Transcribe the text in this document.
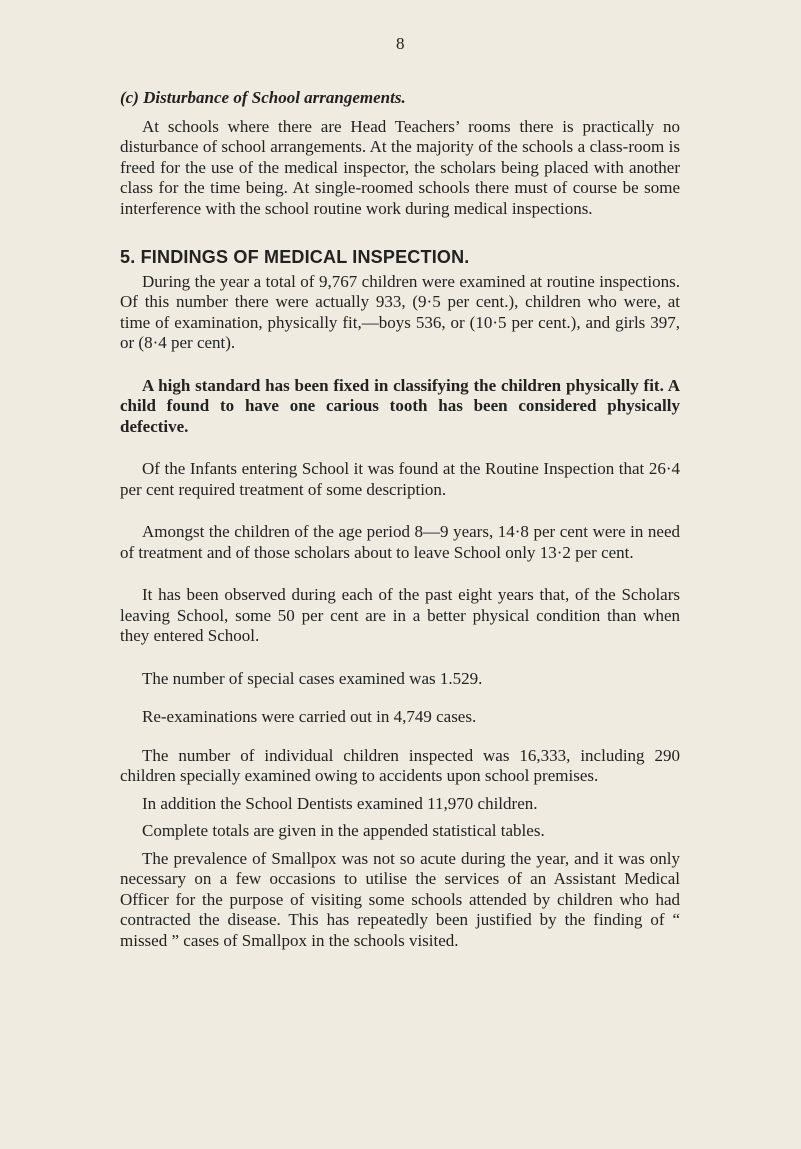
8

(c) Disturbance of School arrangements.

At schools where there are Head Teachers’ rooms there is practically no disturbance of school arrangements. At the majority of the schools a class-room is freed for the use of the medical inspector, the scholars being placed with another class for the time being. At single-roomed schools there must of course be some interference with the school routine work during medical inspections.

5. FINDINGS OF MEDICAL INSPECTION.

During the year a total of 9,767 children were examined at routine inspections. Of this number there were actually 933, (9·5 per cent.), children who were, at time of examination, physically fit,—boys 536, or (10·5 per cent.), and girls 397, or (8·4 per cent).

A high standard has been fixed in classifying the children physically fit. A child found to have one carious tooth has been considered physically defective.

Of the Infants entering School it was found at the Routine Inspection that 26·4 per cent required treatment of some description.

Amongst the children of the age period 8—9 years, 14·8 per cent were in need of treatment and of those scholars about to leave School only 13·2 per cent.

It has been observed during each of the past eight years that, of the Scholars leaving School, some 50 per cent are in a better physical condition than when they entered School.

The number of special cases examined was 1.529.

Re-examinations were carried out in 4,749 cases.

The number of individual children inspected was 16,333, including 290 children specially examined owing to accidents upon school premises.

In addition the School Dentists examined 11,970 children.

Complete totals are given in the appended statistical tables.

The prevalence of Smallpox was not so acute during the year, and it was only necessary on a few occasions to utilise the services of an Assistant Medical Officer for the purpose of visiting some schools attended by children who had contracted the disease. This has repeatedly been justified by the finding of “ missed ” cases of Smallpox in the schools visited.
